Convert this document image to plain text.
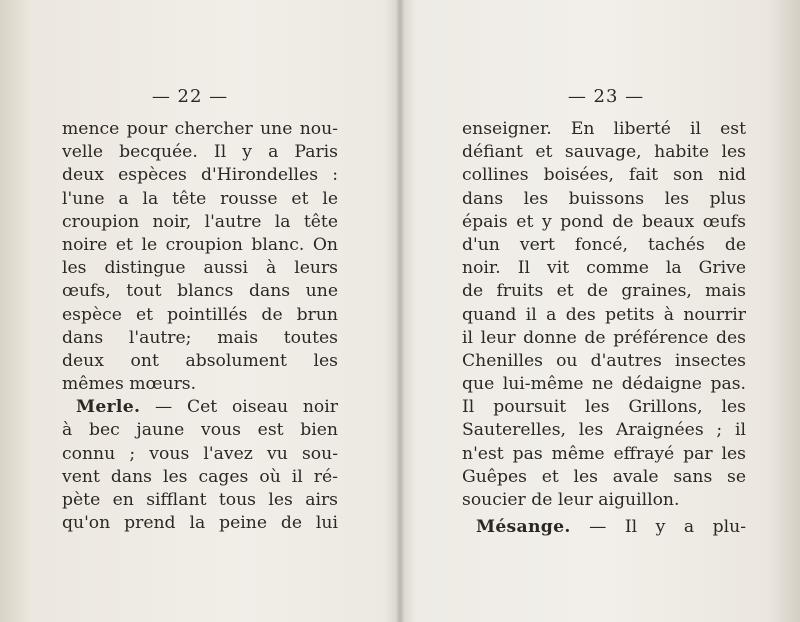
— 22 —
mence pour chercher une nou-
velle becquée. Il y a Paris
deux espèces d'Hirondelles :
l'une a la tête rousse et le
croupion noir, l'autre la tête
noire et le croupion blanc. On
les distingue aussi à leurs
œufs, tout blancs dans une
espèce et pointillés de brun
dans l'autre; mais toutes
deux ont absolument les
mêmes mœurs.
Merle. — Cet oiseau noir
à bec jaune vous est bien
connu ; vous l'avez vu sou-
vent dans les cages où il ré-
pète en sifflant tous les airs
qu'on prend la peine de lui
— 23 —
enseigner. En liberté il est
défiant et sauvage, habite les
collines boisées, fait son nid
dans les buissons les plus
épais et y pond de beaux œufs
d'un vert foncé, tachés de
noir. Il vit comme la Grive
de fruits et de graines, mais
quand il a des petits à nourrir
il leur donne de préférence des
Chenilles ou d'autres insectes
que lui-même ne dédaigne pas.
Il poursuit les Grillons, les
Sauterelles, les Araignées ; il
n'est pas même effrayé par les
Guêpes et les avale sans se
soucier de leur aiguillon.
Mésange. — Il y a plu-
